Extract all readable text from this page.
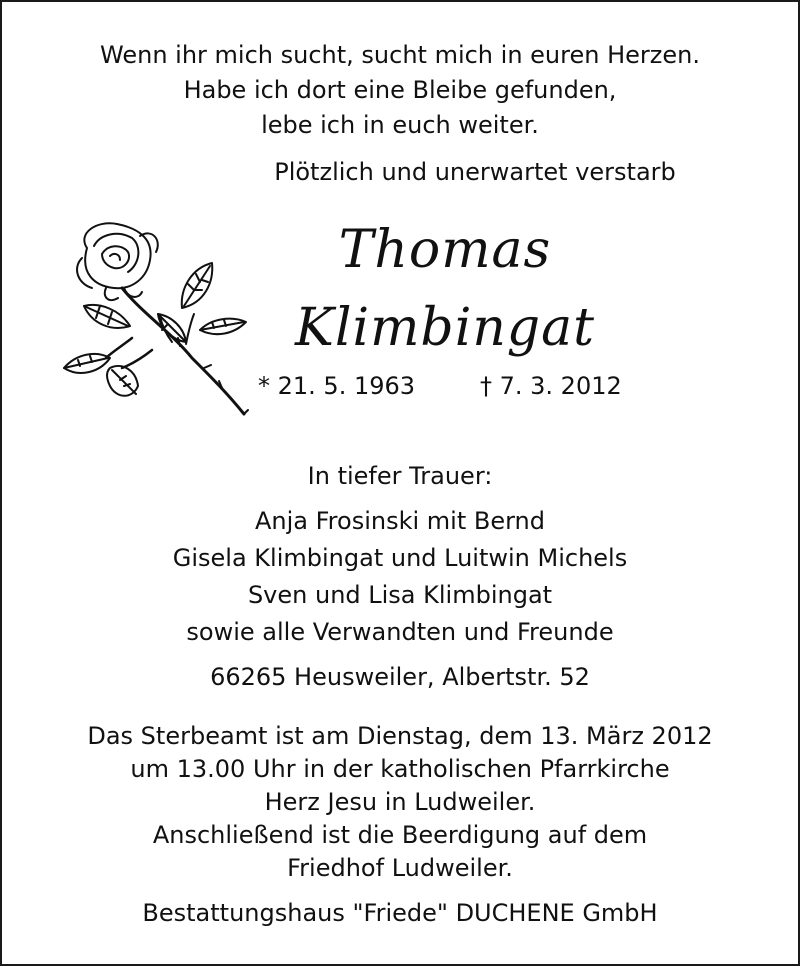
Wenn ihr mich sucht, sucht mich in euren Herzen.
Habe ich dort eine Bleibe gefunden,
lebe ich in euch weiter.
Plötzlich und unerwartet verstarb
Thomas
Klimbingat
* 21. 5. 1963	† 7. 3. 2012
In tiefer Trauer:
Anja Frosinski mit Bernd
Gisela Klimbingat und Luitwin Michels
Sven und Lisa Klimbingat
sowie alle Verwandten und Freunde
66265 Heusweiler, Albertstr. 52
Das Sterbeamt ist am Dienstag, dem 13. März 2012
um 13.00 Uhr in der katholischen Pfarrkirche
Herz Jesu in Ludweiler.
Anschließend ist die Beerdigung auf dem
Friedhof Ludweiler.
Bestattungshaus "Friede" DUCHENE GmbH
